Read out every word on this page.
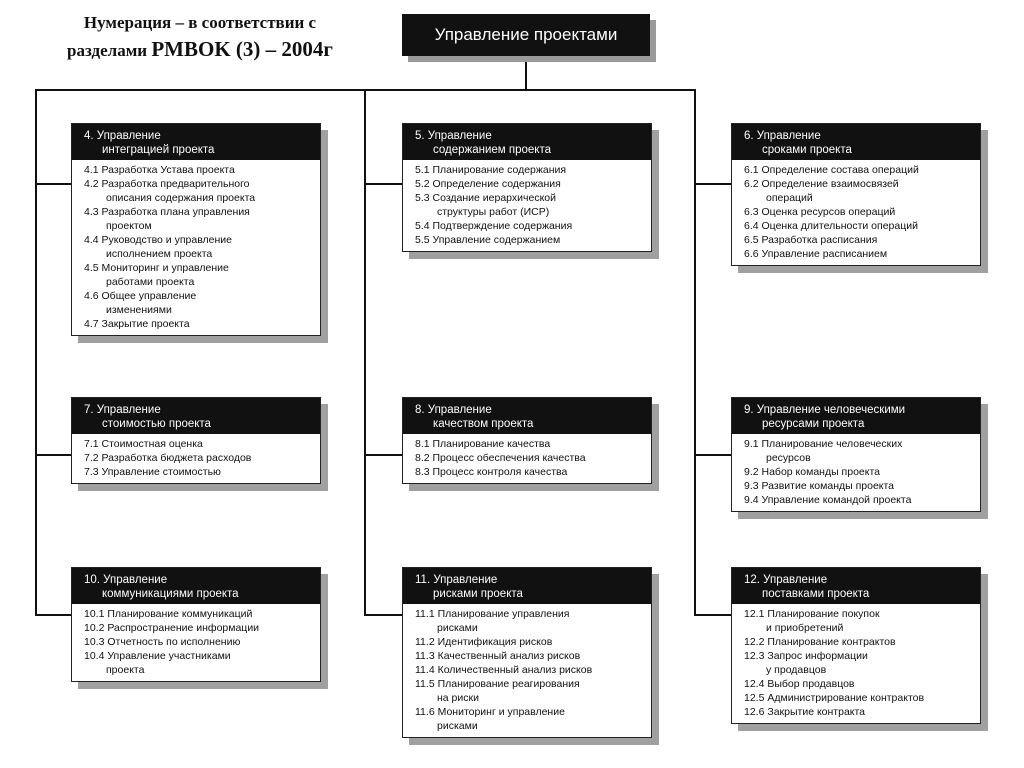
Нумерация – в соответствии с
разделами PMBOK (3) – 2004г
Управление проектами
4. Управление
интеграцией проекта
4.1 Разработка Устава проекта
4.2 Разработка предварительного
описания содержания проекта
4.3 Разработка плана управления
проектом
4.4 Руководство и управление
исполнением проекта
4.5 Мониторинг и управление
работами проекта
4.6 Общее управление
изменениями
4.7 Закрытие проекта
5. Управление
содержанием проекта
5.1 Планирование содержания
5.2 Определение содержания
5.3 Создание иерархической
структуры работ (ИСР)
5.4 Подтверждение содержания
5.5 Управление содержанием
6. Управление
сроками проекта
6.1 Определение состава операций
6.2 Определение взаимосвязей
операций
6.3 Оценка ресурсов операций
6.4 Оценка длительности операций
6.5 Разработка расписания
6.6 Управление расписанием
7. Управление
стоимостью проекта
7.1 Стоимостная оценка
7.2 Разработка бюджета расходов
7.3 Управление стоимостью
8. Управление
качеством проекта
8.1 Планирование качества
8.2 Процесс обеспечения качества
8.3 Процесс контроля качества
9. Управление человеческими
ресурсами проекта
9.1 Планирование человеческих
ресурсов
9.2 Набор команды проекта
9.3 Развитие команды проекта
9.4 Управление командой проекта
10. Управление
коммуникациями проекта
10.1 Планирование коммуникаций
10.2 Распространение информации
10.3 Отчетность по исполнению
10.4 Управление участниками
проекта
11. Управление
рисками проекта
11.1 Планирование управления
рисками
11.2 Идентификация рисков
11.3 Качественный анализ рисков
11.4 Количественный анализ рисков
11.5 Планирование реагирования
на риски
11.6 Мониторинг и управление
рисками
12. Управление
поставками проекта
12.1 Планирование покупок
и приобретений
12.2 Планирование контрактов
12.3 Запрос информации
у продавцов
12.4 Выбор продавцов
12.5 Администрирование контрактов
12.6 Закрытие контракта
